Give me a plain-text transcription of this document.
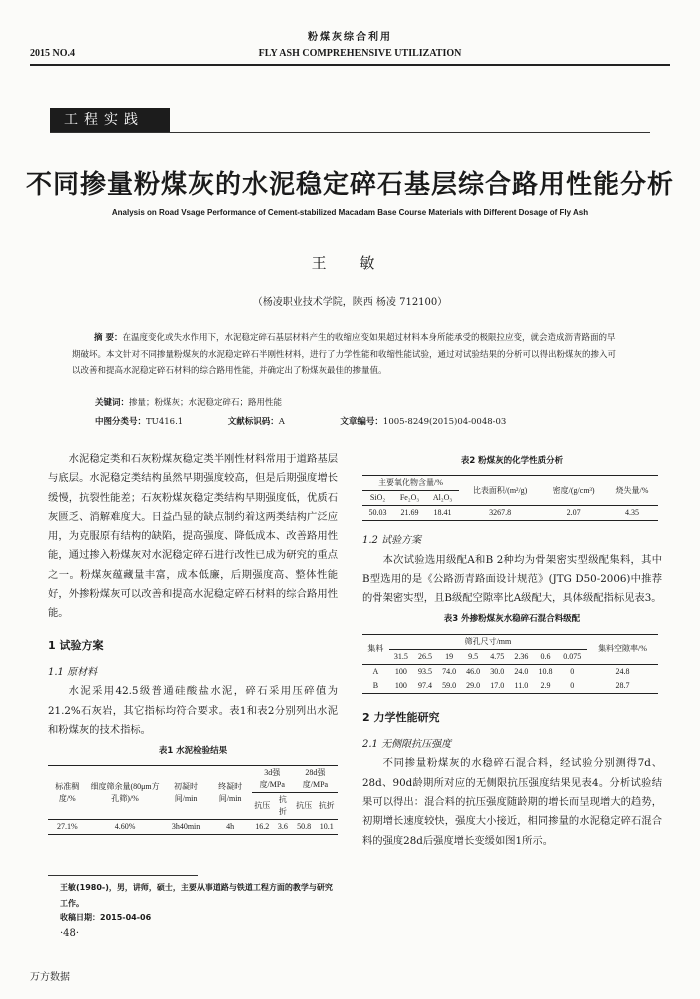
粉煤灰综合利用
2015 NO.4	FLY ASH COMPREHENSIVE UTILIZATION
工程实践
不同掺量粉煤灰的水泥稳定碎石基层综合路用性能分析
Analysis on Road Vsage Performance of Cement-stabilized Macadam Base Course Materials with Different Dosage of Fly Ash
王 敏
（杨凌职业技术学院，陕西 杨凌 712100）
摘 要：在温度变化或失水作用下，水泥稳定碎石基层材料产生的收缩应变如果超过材料本身所能承受的极限拉应变，就会造成沥青路面的早期破坏。本文针对不同掺量粉煤灰的水泥稳定碎石半刚性材料，进行了力学性能和收缩性能试验，通过对试验结果的分析可以得出粉煤灰的掺入可以改善和提高水泥稳定碎石材料的综合路用性能，并确定出了粉煤灰最佳的掺量值。
关键词：掺量；粉煤灰；水泥稳定碎石；路用性能
中图分类号：TU416.1	文献标识码：A	文章编号：1005-8249(2015)04-0048-03

水泥稳定类和石灰粉煤灰稳定类半刚性材料常用于道路基层与底层。水泥稳定类结构虽然早期强度较高，但是后期强度增长缓慢，抗裂性能差；石灰粉煤灰稳定类结构早期强度低，优质石灰匮乏、消解难度大。日益凸显的缺点制约着这两类结构广泛应用，为克服原有结构的缺陷，提高强度、降低成本、改善路用性能，通过掺入粉煤灰对水泥稳定碎石进行改性已成为研究的重点之一。粉煤灰蕴藏量丰富，成本低廉，后期强度高、整体性能好，外掺粉煤灰可以改善和提高水泥稳定碎石材料的综合路用性能。

1 试验方案

1.1 原材料

水泥采用42.5级普通硅酸盐水泥，碎石采用压碎值为21.2%石灰岩，其它指标均符合要求。表1和表2分别列出水泥和粉煤灰的技术指标。

表1 水泥检验结果

标准稠度/%	细度筛余量(80μm方孔筛)/%	初凝时间/min	终凝时间/min	3d强度/MPa		28d强度/MPa	
				抗压	抗折	抗压	抗折
27.1%	4.60%	3h40min	4h	16.2	3.6	50.8	10.1

表2 粉煤灰的化学性质分析

主要氧化物含量/%			比表面积/(m²/g)	密度/(g/cm³)	烧失量/%
SiO₂	Fe₂O₃	Al₂O₃			
50.03	21.69	18.41	3267.8	2.07	4.35

1.2 试验方案

本次试验选用级配A和B 2种均为骨架密实型级配集料，其中B型选用的是《公路沥青路面设计规范》(JTG D50-2006)中推荐的骨架密实型，且B级配空隙率比A级配大，具体级配指标见表3。

表3 外掺粉煤灰水稳碎石混合料级配

集料	筛孔尺寸/mm								集料空隙率/%
	31.5	26.5	19	9.5	4.75	2.36	0.6	0.075	
A	100	93.5	74.0	46.0	30.0	24.0	10.8	0	24.8
B	100	97.4	59.0	29.0	17.0	11.0	2.9	0	28.7

2 力学性能研究

2.1 无侧限抗压强度

不同掺量粉煤灰的水稳碎石混合料，经试验分别测得7d、28d、90d龄期所对应的无侧限抗压强度结果见表4。分析试验结果可以得出：混合料的抗压强度随龄期的增长而呈现增大的趋势，初期增长速度较快，强度大小接近，相同掺量的水泥稳定碎石混合料的强度28d后强度增长变缓如图1所示。

王敏(1980-)，男，讲师，硕士，主要从事道路与铁道工程方面的教学与研究工作。
收稿日期：2015-04-06
·48·
万方数据
